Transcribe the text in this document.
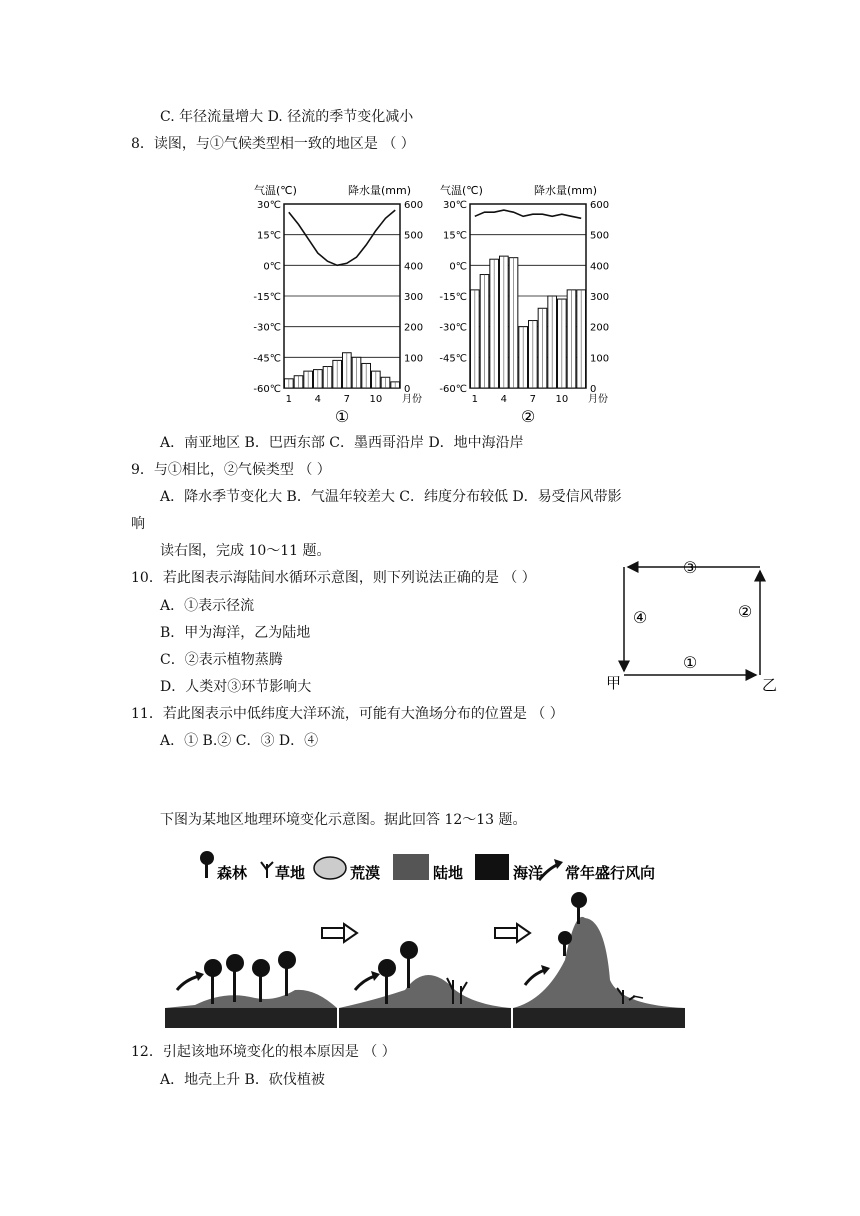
C. 年径流量增大 D. 径流的季节变化减小
8．读图，与①气候类型相一致的地区是 （ ）
气温(℃)	降水量(mm)
30℃
15℃
0℃
-15℃
-30℃
-45℃
-60℃
600
500
400
300
200
100
0
1 4 7 10 月份
①
气温(℃)	降水量(mm)
30℃
15℃
0℃
-15℃
-30℃
-45℃
-60℃
600
500
400
300
200
100
0
1 4 7 10 月份
②
A．南亚地区 B．巴西东部 C．墨西哥沿岸 D．地中海沿岸
9．与①相比，②气候类型 （ ）
A．降水季节变化大 B．气温年较差大 C．纬度分布较低 D．易受信风带影
响
读右图，完成 10～11 题。
10．若此图表示海陆间水循环示意图，则下列说法正确的是 （ ）
A．①表示径流
B．甲为海洋，乙为陆地
C．②表示植物蒸腾
D．人类对③环节影响大
11．若此图表示中低纬度大洋环流，可能有大渔场分布的位置是 （ ）
A．① B.② C．③ D．④
③
④	②
①
甲	乙
下图为某地区地理环境变化示意图。据此回答 12～13 题。
森林 草地	荒漠	陆地	海洋 常年盛行风向
12．引起该地环境变化的根本原因是 （ ）
A．地壳上升 B．砍伐植被
